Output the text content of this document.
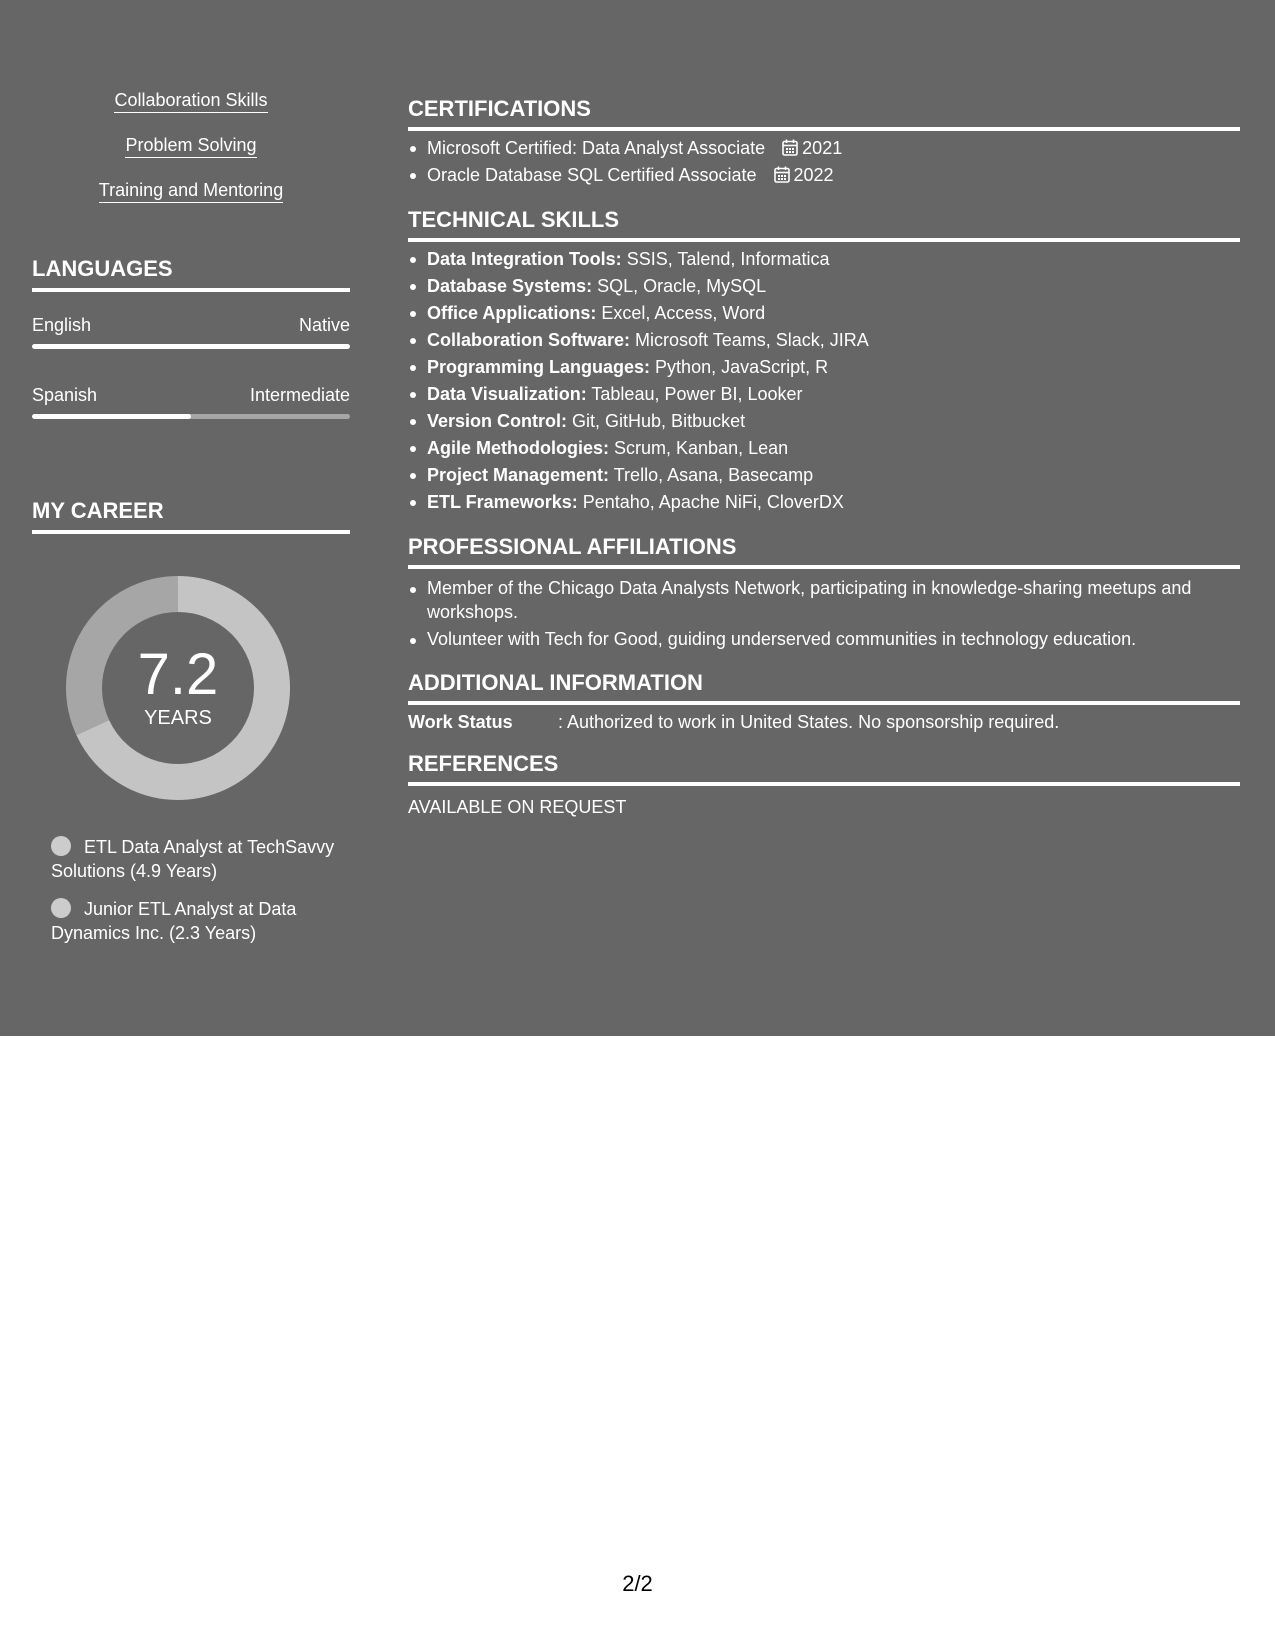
Collaboration Skills
Problem Solving
Training and Mentoring
LANGUAGES
English	Native
Spanish	Intermediate
MY CAREER
7.2
YEARS
ETL Data Analyst at TechSavvy Solutions (4.9 Years)
Junior ETL Analyst at Data Dynamics Inc. (2.3 Years)
CERTIFICATIONS
Microsoft Certified: Data Analyst Associate 2021
Oracle Database SQL Certified Associate 2022
TECHNICAL SKILLS
Data Integration Tools: SSIS, Talend, Informatica
Database Systems: SQL, Oracle, MySQL
Office Applications: Excel, Access, Word
Collaboration Software: Microsoft Teams, Slack, JIRA
Programming Languages: Python, JavaScript, R
Data Visualization: Tableau, Power BI, Looker
Version Control: Git, GitHub, Bitbucket
Agile Methodologies: Scrum, Kanban, Lean
Project Management: Trello, Asana, Basecamp
ETL Frameworks: Pentaho, Apache NiFi, CloverDX
PROFESSIONAL AFFILIATIONS
Member of the Chicago Data Analysts Network, participating in knowledge-sharing meetups and workshops.
Volunteer with Tech for Good, guiding underserved communities in technology education.
ADDITIONAL INFORMATION
Work Status	: Authorized to work in United States. No sponsorship required.
REFERENCES
AVAILABLE ON REQUEST
2/2
